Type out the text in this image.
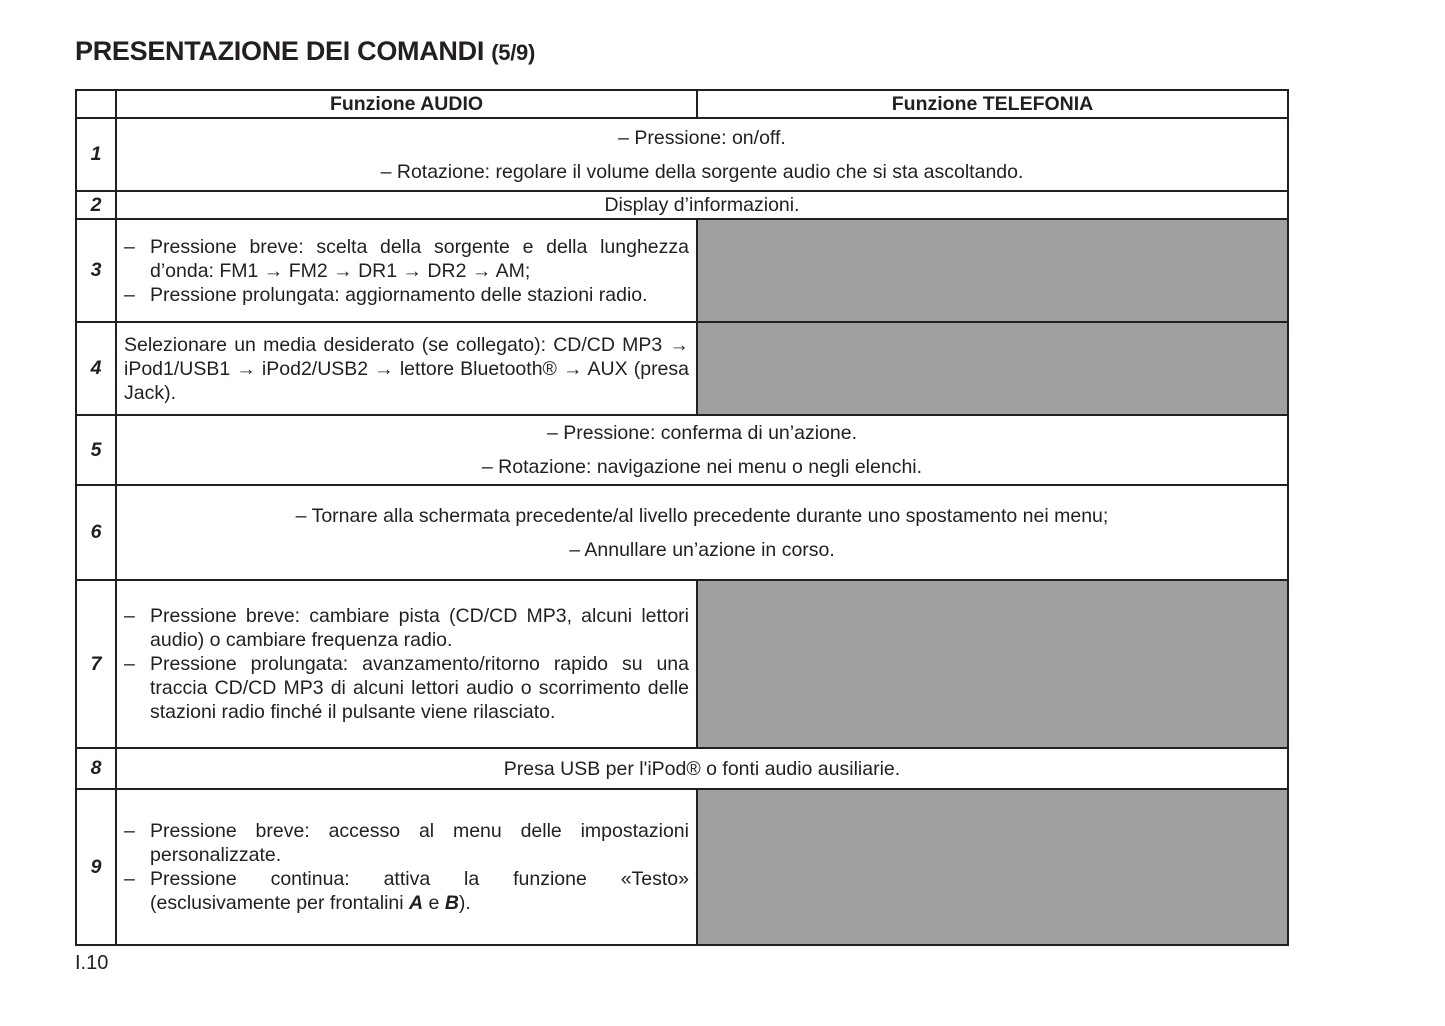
PRESENTAZIONE DEI COMANDI (5/9)
	Funzione AUDIO	Funzione TELEFONIA
1	– Pressione: on/off.
– Rotazione: regolare il volume della sorgente audio che si sta ascoltando.	

2	Display d’informazioni.	

3	– Pressione breve: scelta della sorgente e della lunghezza d’onda: FM1 → FM2 → DR1 → DR2 → AM;
– Pressione prolungata: aggiornamento delle stazioni radio.	

4	Selezionare un media desiderato (se collegato): CD/CD MP3 → iPod1/USB1 → iPod2/USB2 → lettore Bluetooth® → AUX (presa Jack).	

5	– Pressione: conferma di un’azione.
– Rotazione: navigazione nei menu o negli elenchi.	

6	– Tornare alla schermata precedente/al livello precedente durante uno spostamento nei menu;
– Annullare un’azione in corso.	

7	– Pressione breve: cambiare pista (CD/CD MP3, alcuni lettori audio) o cambiare frequenza radio.
– Pressione prolungata: avanzamento/ritorno rapido su una traccia CD/CD MP3 di alcuni lettori audio o scorrimento delle stazioni radio finché il pulsante viene rilasciato.	

8	Presa USB per l'iPod® o fonti audio ausiliarie.	

9	– Pressione breve: accesso al menu delle impostazioni personalizzate.
– Pressione continua: attiva la funzione «Testo» (esclusivamente per frontalini A e B).	

I.10
